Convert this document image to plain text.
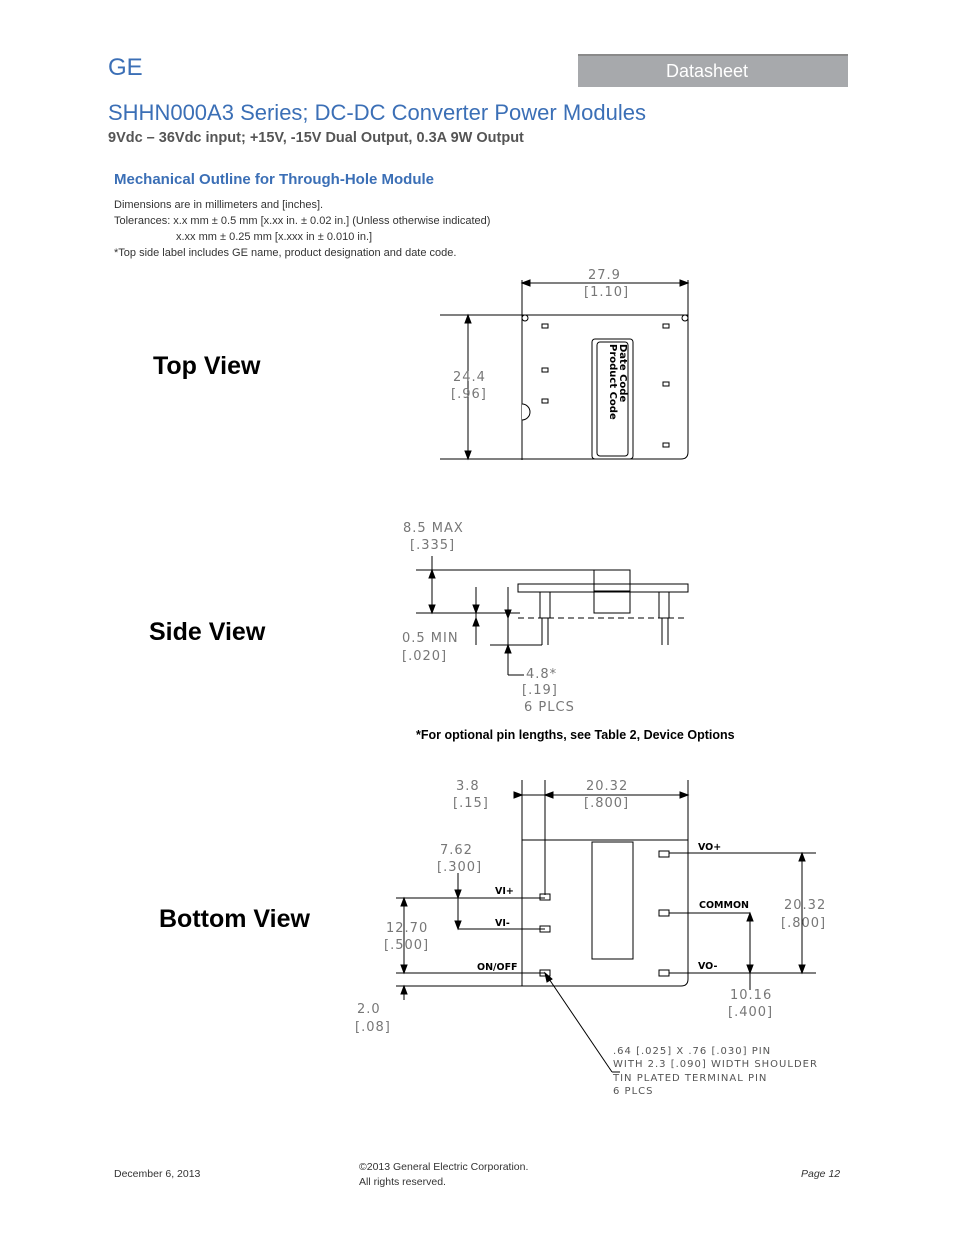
GE	Datasheet
SHHN000A3 Series; DC-DC Converter Power Modules
9Vdc – 36Vdc input; +15V, -15V Dual Output, 0.3A 9W Output
Mechanical Outline for Through-Hole Module
Dimensions are in millimeters and [inches].
Tolerances: x.x mm ± 0.5 mm [x.xx in. ± 0.02 in.] (Unless otherwise indicated)
x.xx mm ± 0.25 mm [x.xxx in ± 0.010 in.]
*Top side label includes GE name, product designation and date code.
Top View
Side View
Bottom View
27.9
[1.10]
24.4
[.96]	Product Code Date Code
8.5 MAX
[.335]
0.5 MIN
[.020]
4.8*
[.19]
6 PLCS
3.8
[.15]
20.32
[.800]
7.62
[.300]
12.70
[.500]
2.0
[.08]
20.32
[.800]
10.16
[.400]
VI+
VI-
ON/OFF
VO+
COMMON
VO-
.64 [.025] X .76 [.030] PIN
WITH 2.3 [.090] WIDTH SHOULDER
TIN PLATED TERMINAL PIN
6 PLCS
*For optional pin lengths, see Table 2, Device Options
December 6, 2013
©2013 General Electric Corporation.
All rights reserved.
Page 12
